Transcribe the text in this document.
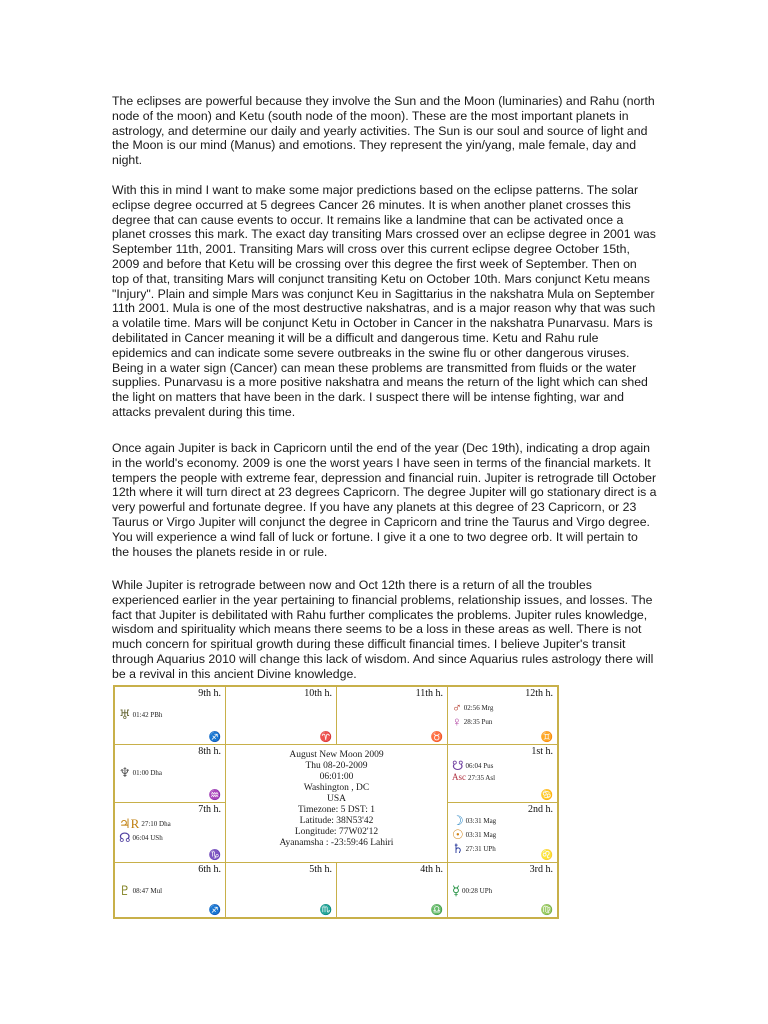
The eclipses are powerful because they involve the Sun and the Moon (luminaries) and Rahu (north node of the moon) and Ketu (south node of the moon). These are the most important planets in astrology, and determine our daily and yearly activities. The Sun is our soul and source of light and the Moon is our mind (Manus) and emotions. They represent the yin/yang, male female, day and night.

With this in mind I want to make some major predictions based on the eclipse patterns. The solar eclipse degree occurred at 5 degrees Cancer 26 minutes. It is when another planet crosses this degree that can cause events to occur. It remains like a landmine that can be activated once a planet crosses this mark. The exact day transiting Mars crossed over an eclipse degree in 2001 was September 11th, 2001. Transiting Mars will cross over this current eclipse degree October 15th, 2009 and before that Ketu will be crossing over this degree the first week of September. Then on top of that, transiting Mars will conjunct transiting Ketu on October 10th. Mars conjunct Ketu means "Injury". Plain and simple Mars was conjunct Keu in Sagittarius in the nakshatra Mula on September 11th 2001. Mula is one of the most destructive nakshatras, and is a major reason why that was such a volatile time. Mars will be conjunct Ketu in October in Cancer in the nakshatra Punarvasu. Mars is debilitated in Cancer meaning it will be a difficult and dangerous time. Ketu and Rahu rule epidemics and can indicate some severe outbreaks in the swine flu or other dangerous viruses. Being in a water sign (Cancer) can mean these problems are transmitted from fluids or the water supplies. Punarvasu is a more positive nakshatra and means the return of the light which can shed the light on matters that have been in the dark. I suspect there will be intense fighting, war and attacks prevalent during this time.

Once again Jupiter is back in Capricorn until the end of the year (Dec 19th), indicating a drop again in the world's economy. 2009 is one the worst years I have seen in terms of the financial markets. It tempers the people with extreme fear, depression and financial ruin. Jupiter is retrograde till October 12th where it will turn direct at 23 degrees Capricorn. The degree Jupiter will go stationary direct is a very powerful and fortunate degree. If you have any planets at this degree of 23 Capricorn, or 23 Taurus or Virgo Jupiter will conjunct the degree in Capricorn and trine the Taurus and Virgo degree. You will experience a wind fall of luck or fortune. I give it a one to two degree orb. It will pertain to the houses the planets reside in or rule.

While Jupiter is retrograde between now and Oct 12th there is a return of all the troubles experienced earlier in the year pertaining to financial problems, relationship issues, and losses. The fact that Jupiter is debilitated with Rahu further complicates the problems. Jupiter rules knowledge, wisdom and spirituality which means there seems to be a loss in these areas as well. There is not much concern for spiritual growth during these difficult financial times. I believe Jupiter's transit through Aquarius 2010 will change this lack of wisdom. And since Aquarius rules astrology there will be a revival in this ancient Divine knowledge.

9th h.
♐
♅ 01:42 PBh
10th h.
♈
11th h.
♉
12th h.
♊
♂ 02:56 Mrg
♀ 28:35 Pun
8th h.
♒
♆ 01:00 Dha
1st h.
♋
☋ 06:04 Pus
Asc 27:35 Asl
7th h.
♑
♃R 27:10 Dha
☊ 06:04 USh
2nd h.
♌
☽ 03:31 Mag
☉ 03:31 Mag
♄ 27:31 UPh
August New Moon 2009
Thu 08-20-2009
06:01:00
Washington , DC
USA
Timezone: 5 DST: 1
Latitude: 38N53'42
Longitude: 77W02'12
Ayanamsha : -23:59:46 Lahiri
6th h.
♐
♇ 08:47 Mul
5th h.
♏
4th h.
♎
3rd h.
♍
☿ 00:28 UPh
